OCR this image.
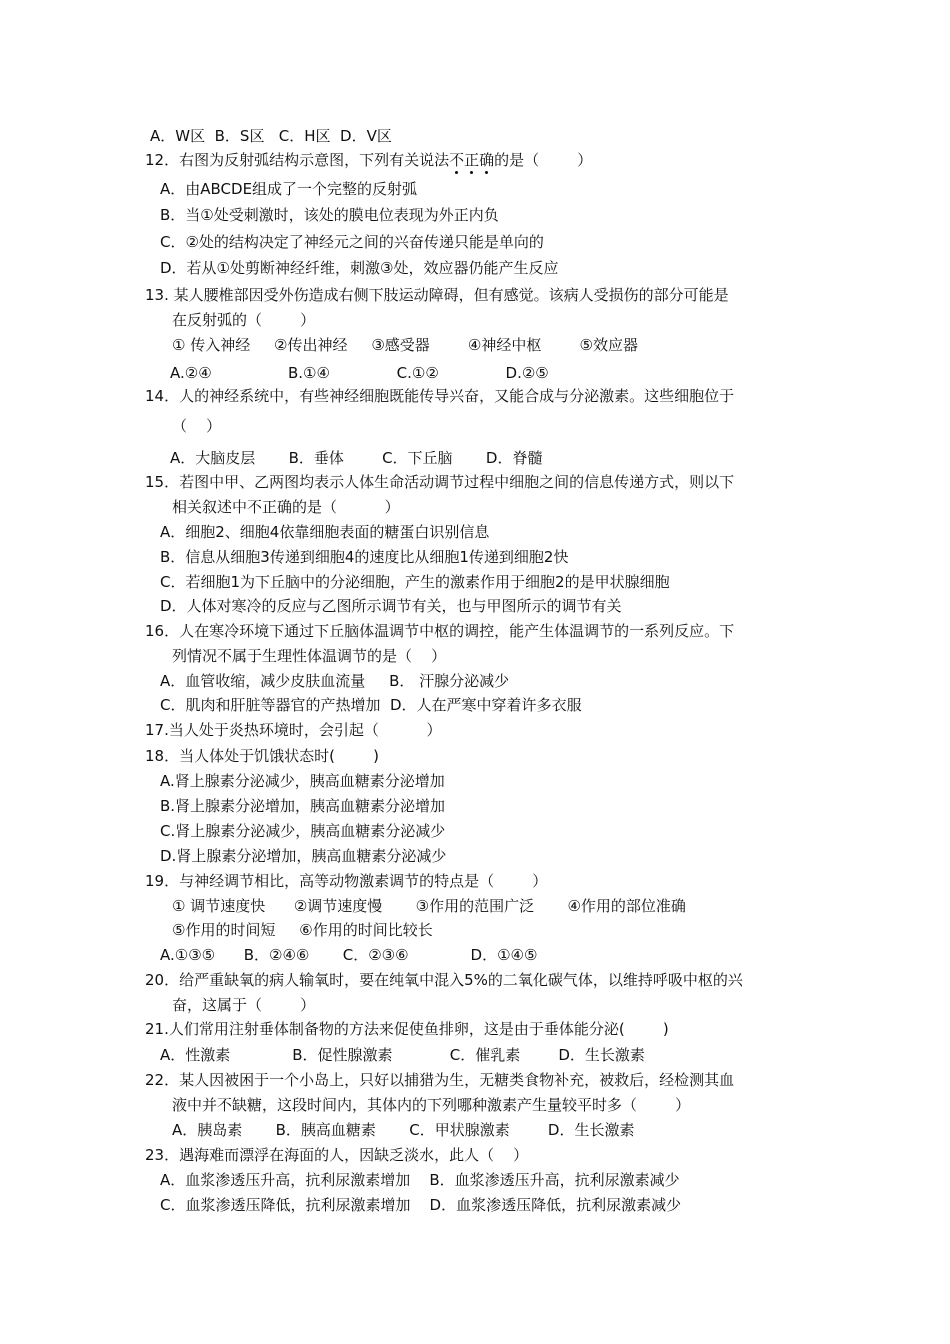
A．W区  B．S区   C．H区  D．V区
12．右图为反射弧结构示意图，下列有关说法不正确的是（        ）
A．由ABCDE组成了一个完整的反射弧
B．当①处受刺激时，该处的膜电位表现为外正内负
C．②处的结构决定了神经元之间的兴奋传递只能是单向的
D．若从①处剪断神经纤维，刺激③处，效应器仍能产生反应
13. 某人腰椎部因受外伤造成右侧下肢运动障碍，但有感觉。该病人受损伤的部分可能是
在反射弧的（        ）
① 传入神经     ②传出神经     ③感受器        ④神经中枢        ⑤效应器
A.②④                B.①④              C.①②              D.②⑤
14．人的神经系统中，有些神经细胞既能传导兴奋，又能合成与分泌激素。这些细胞位于
（    ）
A．大脑皮层       B．垂体        C．下丘脑       D．脊髓
15．若图中甲、乙两图均表示人体生命活动调节过程中细胞之间的信息传递方式，则以下
相关叙述中不正确的是（          ）
A．细胞2、细胞4依靠细胞表面的糖蛋白识别信息
B．信息从细胞3传递到细胞4的速度比从细胞1传递到细胞2快
C．若细胞1为下丘脑中的分泌细胞，产生的激素作用于细胞2的是甲状腺细胞
D．人体对寒冷的反应与乙图所示调节有关，也与甲图所示的调节有关
16．人在寒冷环境下通过下丘脑体温调节中枢的调控，能产生体温调节的一系列反应。下
列情况不属于生理性体温调节的是（    ）
A．血管收缩，减少皮肤血流量     B． 汗腺分泌减少
C．肌肉和肝脏等器官的产热增加  D．人在严寒中穿着许多衣服
17.当人处于炎热环境时，会引起（          ）
18．当人体处于饥饿状态时(        )
A.肾上腺素分泌减少，胰高血糖素分泌增加
B.肾上腺素分泌增加，胰高血糖素分泌增加
C.肾上腺素分泌减少，胰高血糖素分泌减少
D.肾上腺素分泌增加，胰高血糖素分泌减少
19．与神经调节相比，高等动物激素调节的特点是（        ）
① 调节速度快      ②调节速度慢       ③作用的范围广泛       ④作用的部位准确
⑤作用的时间短     ⑥作用的时间比较长
A.①③⑤      B．②④⑥       C．②③⑥             D．①④⑤
20．给严重缺氧的病人输氧时，要在纯氧中混入5%的二氧化碳气体，以维持呼吸中枢的兴
奋，这属于（        ）
21.人们常用注射垂体制备物的方法来促使鱼排卵，这是由于垂体能分泌(        )
A．性激素             B．促性腺激素            C．催乳素        D．生长激素
22．某人因被困于一个小岛上，只好以捕猎为生，无糖类食物补充，被救后，经检测其血
液中并不缺糖，这段时间内，其体内的下列哪种激素产生量较平时多（        ）
A．胰岛素       B．胰高血糖素       C．甲状腺激素        D．生长激素
23．遇海难而漂浮在海面的人，因缺乏淡水，此人（    ）
A．血浆渗透压升高，抗利尿激素增加    B．血浆渗透压升高，抗利尿激素减少
C．血浆渗透压降低，抗利尿激素增加    D．血浆渗透压降低，抗利尿激素减少
